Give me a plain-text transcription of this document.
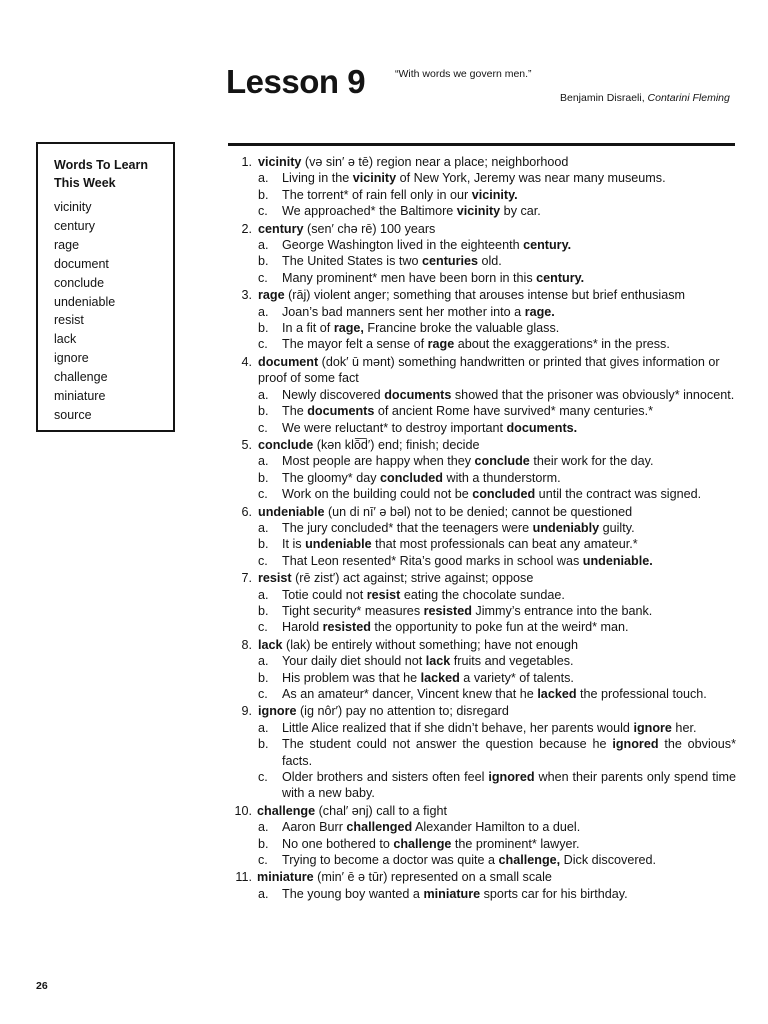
Lesson 9	“With words we govern men.”
Benjamin Disraeli, Contarini Fleming
Words To Learn
This Week
vicinity
century
rage
document
conclude
undeniable
resist
lack
ignore
challenge
miniature
source
1. vicinity (və sin′ ə tē) region near a place; neighborhood
a.	Living in the vicinity of New York, Jeremy was near many museums.
b.	The torrent* of rain fell only in our vicinity.
c.	We approached* the Baltimore vicinity by car.
2. century (sen′ chə rē) 100 years
a.	George Washington lived in the eighteenth century.
b.	The United States is two centuries old.
c.	Many prominent* men have been born in this century.
3. rage (rāj) violent anger; something that arouses intense but brief enthusiasm
a.	Joan’s bad manners sent her mother into a rage.
b.	In a fit of rage, Francine broke the valuable glass.
c.	The mayor felt a sense of rage about the exaggerations* in the press.
4. document (dok′ ū mənt) something handwritten or printed that gives information or proof of some fact
a.	Newly discovered documents showed that the prisoner was obviously* innocent.
b.	The documents of ancient Rome have survived* many centuries.*
c.	We were reluctant* to destroy important documents.
5. conclude (kən klō͞d′) end; finish; decide
a.	Most people are happy when they conclude their work for the day.
b.	The gloomy* day concluded with a thunderstorm.
c.	Work on the building could not be concluded until the contract was signed.
6. undeniable (un di nī′ ə bəl) not to be denied; cannot be questioned
a.	The jury concluded* that the teenagers were undeniably guilty.
b.	It is undeniable that most professionals can beat any amateur.*
c.	That Leon resented* Rita’s good marks in school was undeniable.
7. resist (rē zist′) act against; strive against; oppose
a.	Totie could not resist eating the chocolate sundae.
b.	Tight security* measures resisted Jimmy’s entrance into the bank.
c.	Harold resisted the opportunity to poke fun at the weird* man.
8. lack (lak) be entirely without something; have not enough
a.	Your daily diet should not lack fruits and vegetables.
b.	His problem was that he lacked a variety* of talents.
c.	As an amateur* dancer, Vincent knew that he lacked the professional touch.
9. ignore (ig nôr′) pay no attention to; disregard
a.	Little Alice realized that if she didn’t behave, her parents would ignore her.
b.	The student could not answer the question because he ignored the obvious* facts.
c.	Older brothers and sisters often feel ignored when their parents only spend time with a new baby.
10. challenge (chal′ ənj) call to a fight
a.	Aaron Burr challenged Alexander Hamilton to a duel.
b.	No one bothered to challenge the prominent* lawyer.
c.	Trying to become a doctor was quite a challenge, Dick discovered.
11. miniature (min′ ē ə tūr) represented on a small scale
a.	The young boy wanted a miniature sports car for his birthday.
26
